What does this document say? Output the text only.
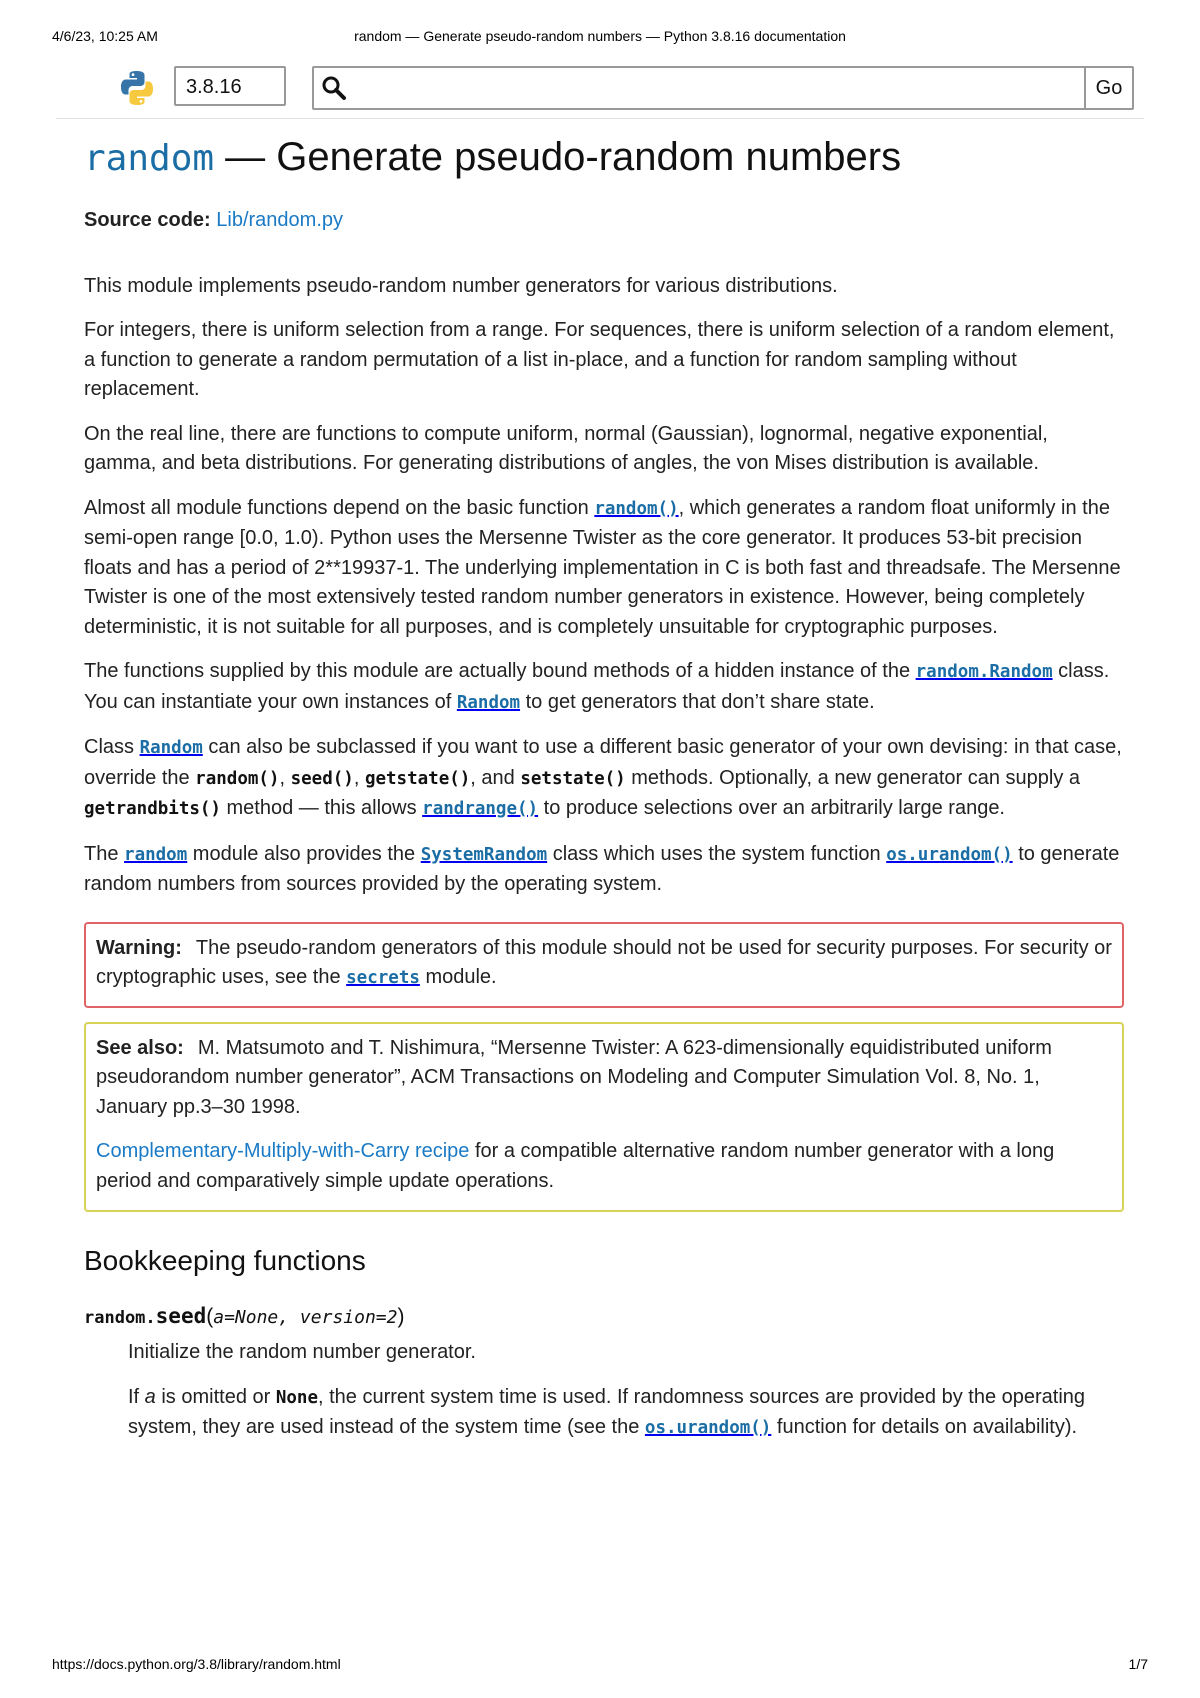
4/6/23, 10:25 AM	random — Generate pseudo-random numbers — Python 3.8.16 documentation
3.8.16	Go
random — Generate pseudo-random numbers

Source code: Lib/random.py

This module implements pseudo-random number generators for various distributions.

For integers, there is uniform selection from a range. For sequences, there is uniform selection of a random element, a function to generate a random permutation of a list in-place, and a function for random sampling without replacement.

On the real line, there are functions to compute uniform, normal (Gaussian), lognormal, negative exponential, gamma, and beta distributions. For generating distributions of angles, the von Mises distribution is available.

Almost all module functions depend on the basic function random(), which generates a random float uniformly in the semi-open range [0.0, 1.0). Python uses the Mersenne Twister as the core generator. It produces 53-bit precision floats and has a period of 2**19937-1. The underlying implementation in C is both fast and threadsafe. The Mersenne Twister is one of the most extensively tested random number generators in existence. However, being completely deterministic, it is not suitable for all purposes, and is completely unsuitable for cryptographic purposes.

The functions supplied by this module are actually bound methods of a hidden instance of the random.Random class. You can instantiate your own instances of Random to get generators that don’t share state.

Class Random can also be subclassed if you want to use a different basic generator of your own devising: in that case, override the random(), seed(), getstate(), and setstate() methods. Optionally, a new generator can supply a getrandbits() method — this allows randrange() to produce selections over an arbitrarily large range.

The random module also provides the SystemRandom class which uses the system function os.urandom() to generate random numbers from sources provided by the operating system.

Warning: The pseudo-random generators of this module should not be used for security purposes. For security or cryptographic uses, see the secrets module.

See also: M. Matsumoto and T. Nishimura, “Mersenne Twister: A 623-dimensionally equidistributed uniform pseudorandom number generator”, ACM Transactions on Modeling and Computer Simulation Vol. 8, No. 1, January pp.3–30 1998.

Complementary-Multiply-with-Carry recipe for a compatible alternative random number generator with a long period and comparatively simple update operations.

Bookkeeping functions
random.seed(a=None, version=2)

Initialize the random number generator.

If a is omitted or None, the current system time is used. If randomness sources are provided by the operating system, they are used instead of the system time (see the os.urandom() function for details on availability).

https://docs.python.org/3.8/library/random.html	1/7
